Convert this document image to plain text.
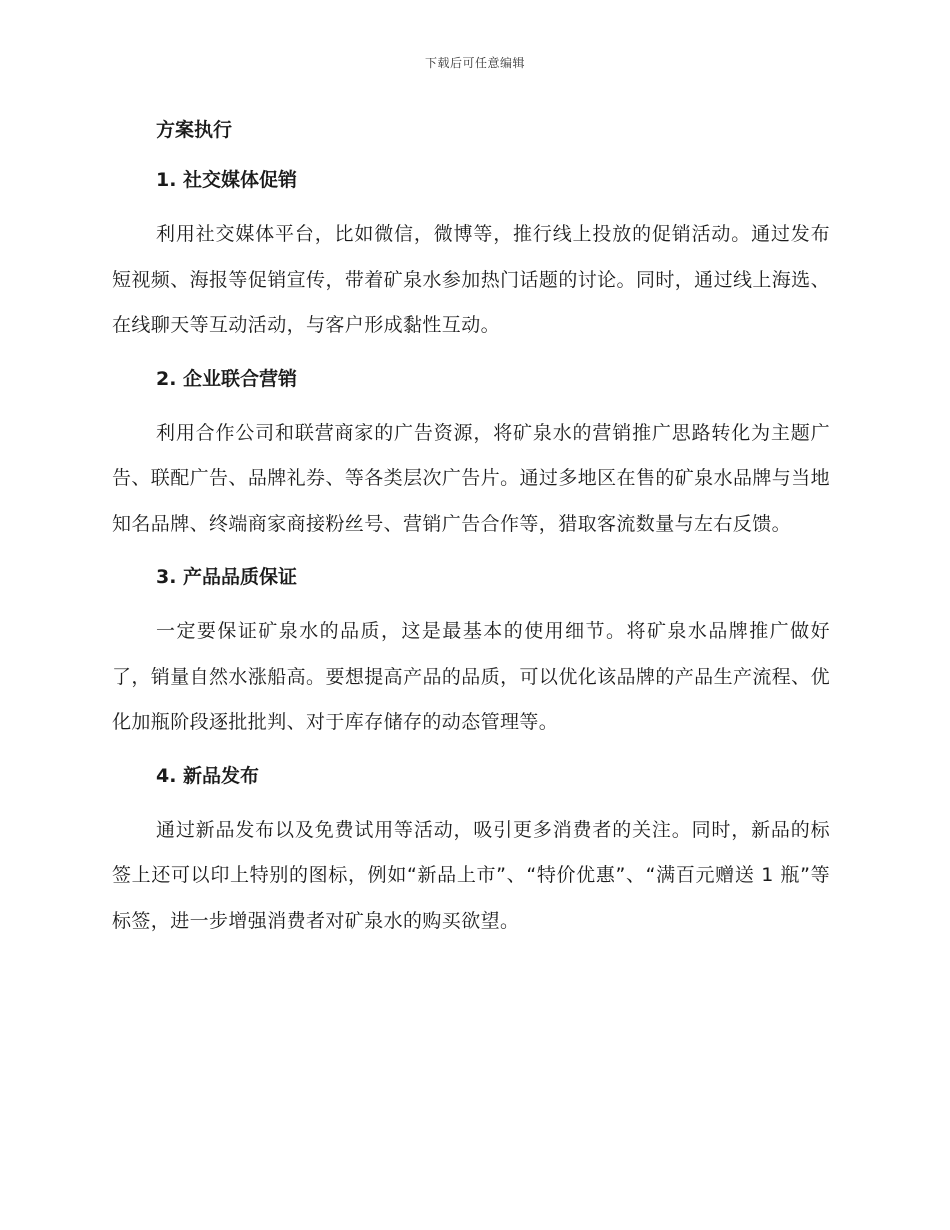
下载后可任意编辑
方案执行
1. 社交媒体促销

利用社交媒体平台，比如微信，微博等，推行线上投放的促销活动。通过发布短视频、海报等促销宣传，带着矿泉水参加热门话题的讨论。同时，通过线上海选、在线聊天等互动活动，与客户形成黏性互动。

2. 企业联合营销

利用合作公司和联营商家的广告资源，将矿泉水的营销推广思路转化为主题广告、联配广告、品牌礼券、等各类层次广告片。通过多地区在售的矿泉水品牌与当地知名品牌、终端商家商接粉丝号、营销广告合作等，猎取客流数量与左右反馈。

3. 产品品质保证

一定要保证矿泉水的品质，这是最基本的使用细节。将矿泉水品牌推广做好了，销量自然水涨船高。要想提高产品的品质，可以优化该品牌的产品生产流程、优化加瓶阶段逐批批判、对于库存储存的动态管理等。

4. 新品发布

通过新品发布以及免费试用等活动，吸引更多消费者的关注。同时，新品的标签上还可以印上特别的图标，例如“新品上市”、“特价优惠”、“满百元赠送 1 瓶”等标签，进一步增强消费者对矿泉水的购买欲望。
